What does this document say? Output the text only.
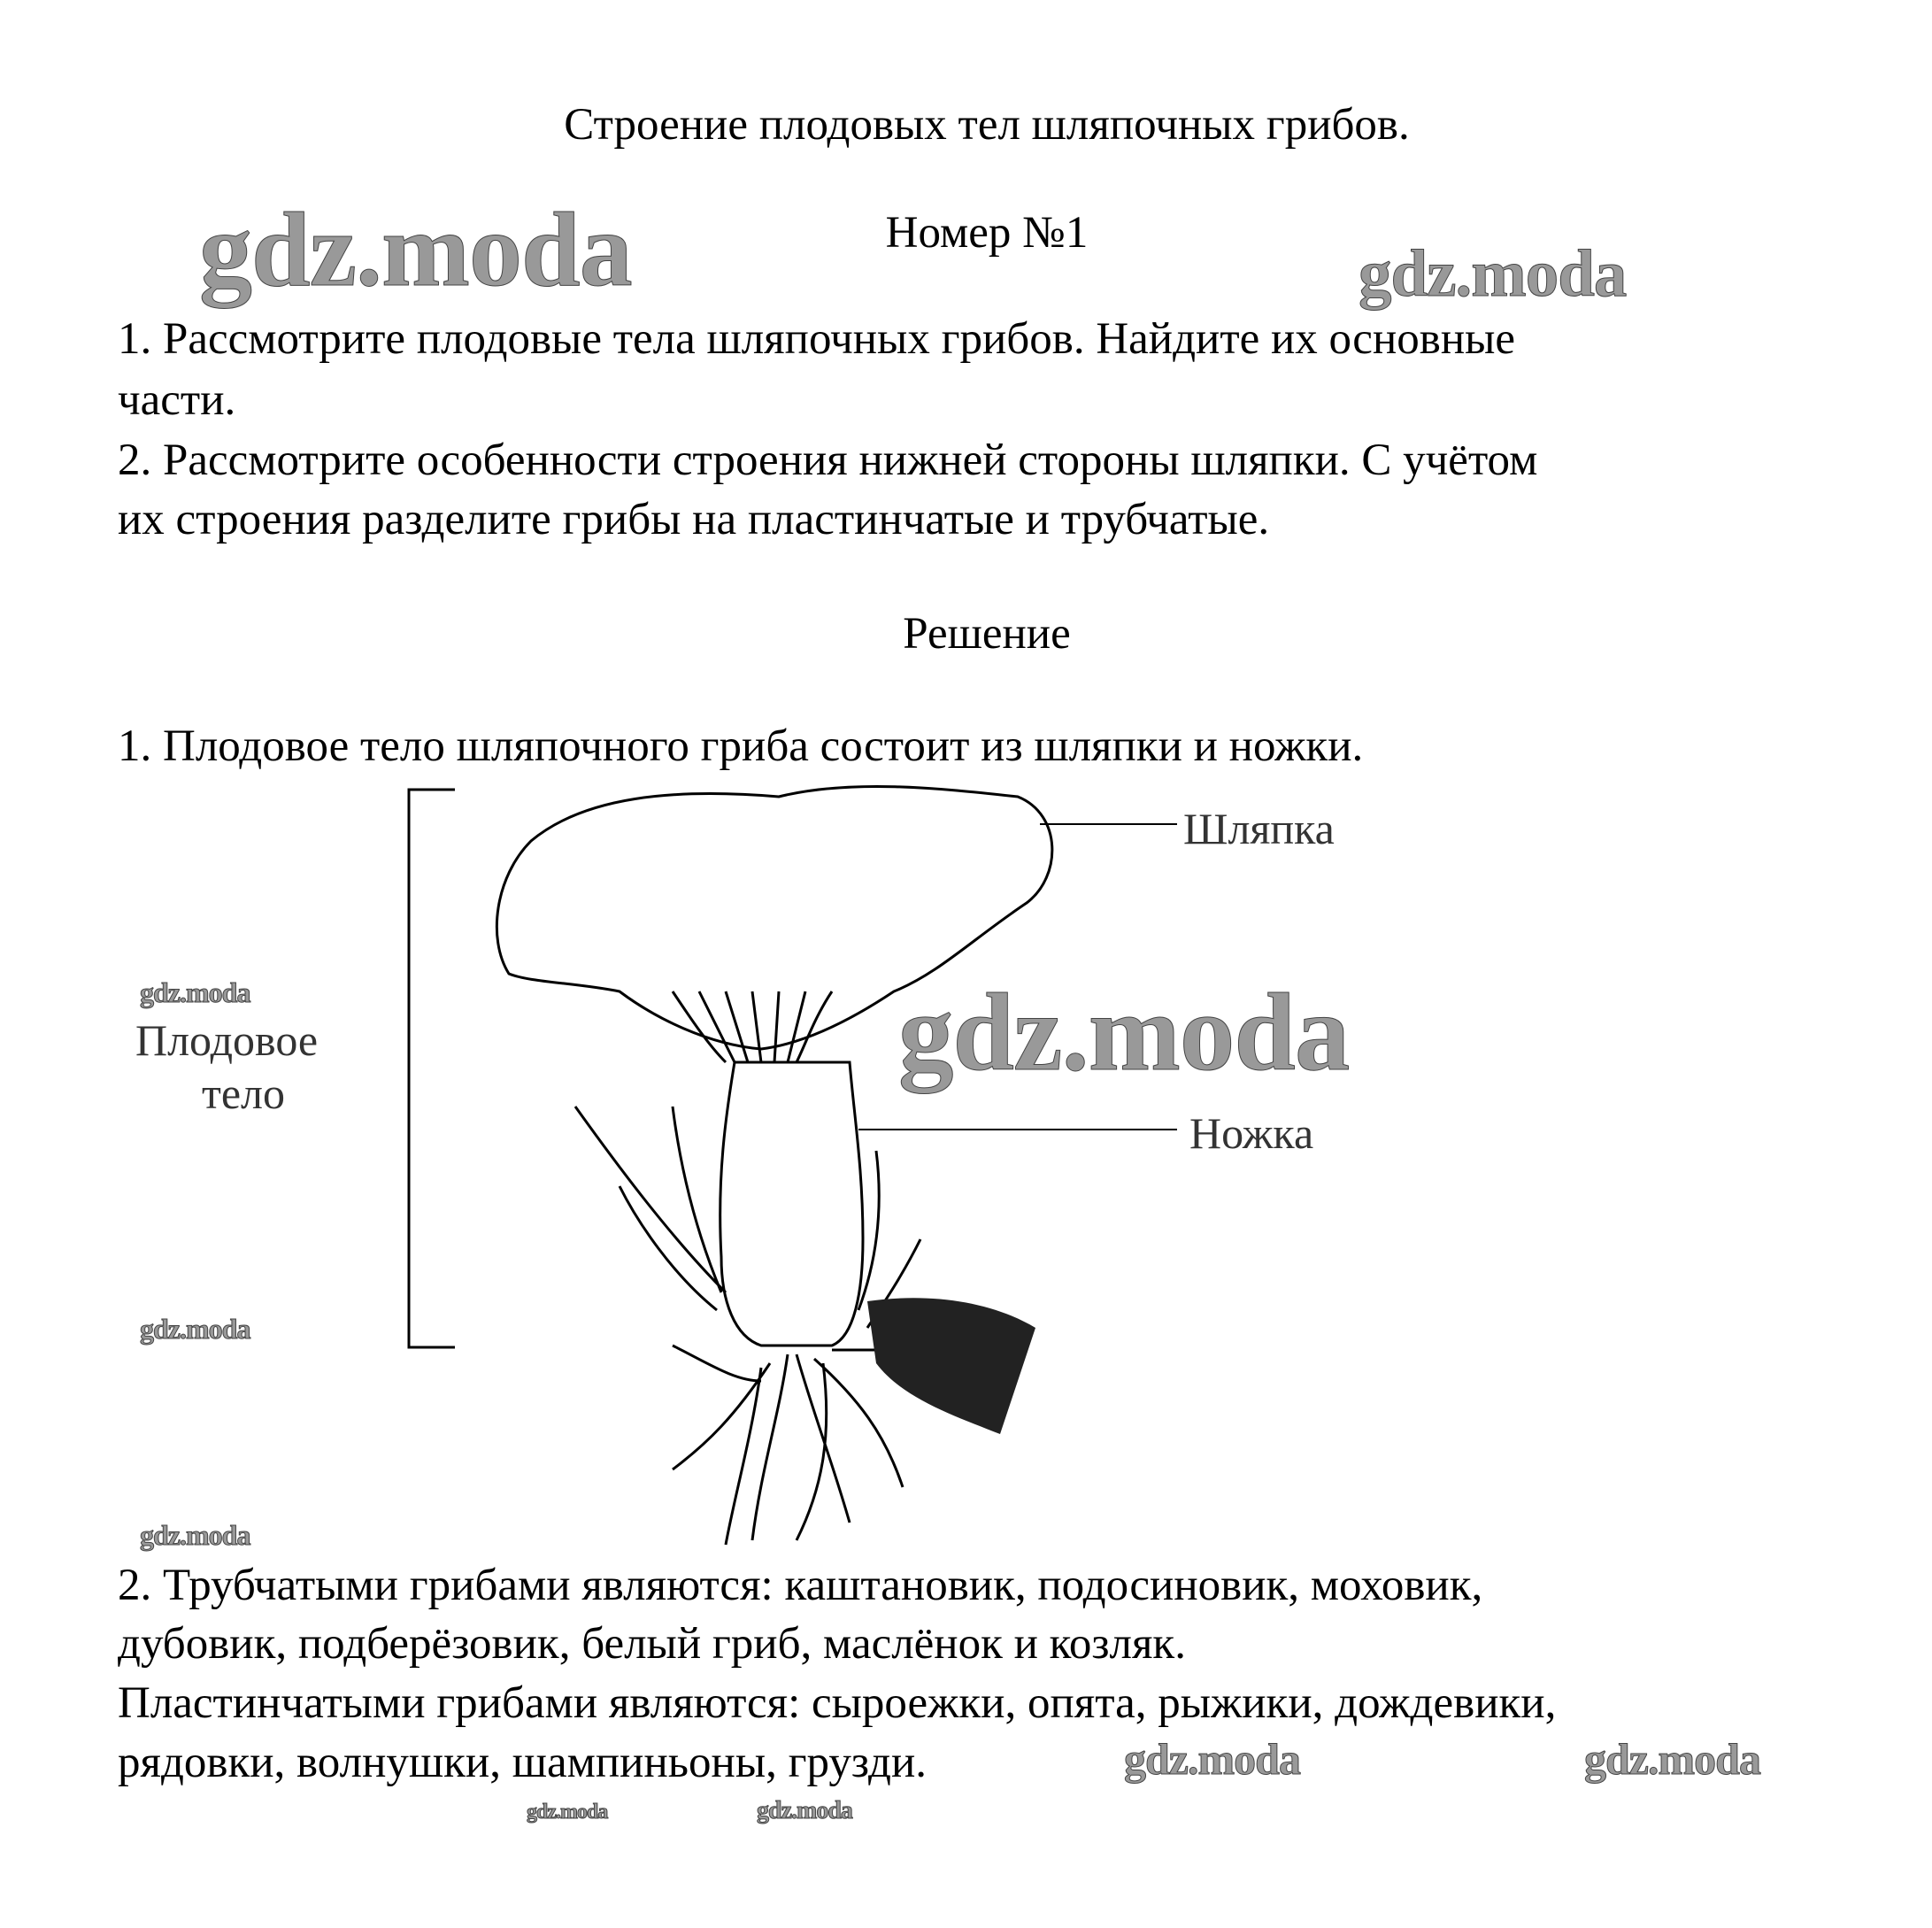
Строение плодовых тел шляпочных грибов.
Номер №1
1. Рассмотрите плодовые тела шляпочных грибов. Найдите их основные
части.
2. Рассмотрите особенности строения нижней стороны шляпки. С учётом
их строения разделите грибы на пластинчатые и трубчатые.
Решение
1. Плодовое тело шляпочного гриба состоит из шляпки и ножки.
Шляпка
Ножка
Плодовое
тело
2. Трубчатыми грибами являются: каштановик, подосиновик, моховик,
дубовик, подберёзовик, белый гриб, маслёнок и козляк.
Пластинчатыми грибами являются: сыроежки, опята, рыжики, дождевики,
рядовки, волнушки, шампиньоны, грузди.
gdz.moda	gdz.moda
gdz.moda
gdz.moda
gdz.moda
gdz.moda
gdz.moda	gdz.moda
gdz.moda	gdz.moda
